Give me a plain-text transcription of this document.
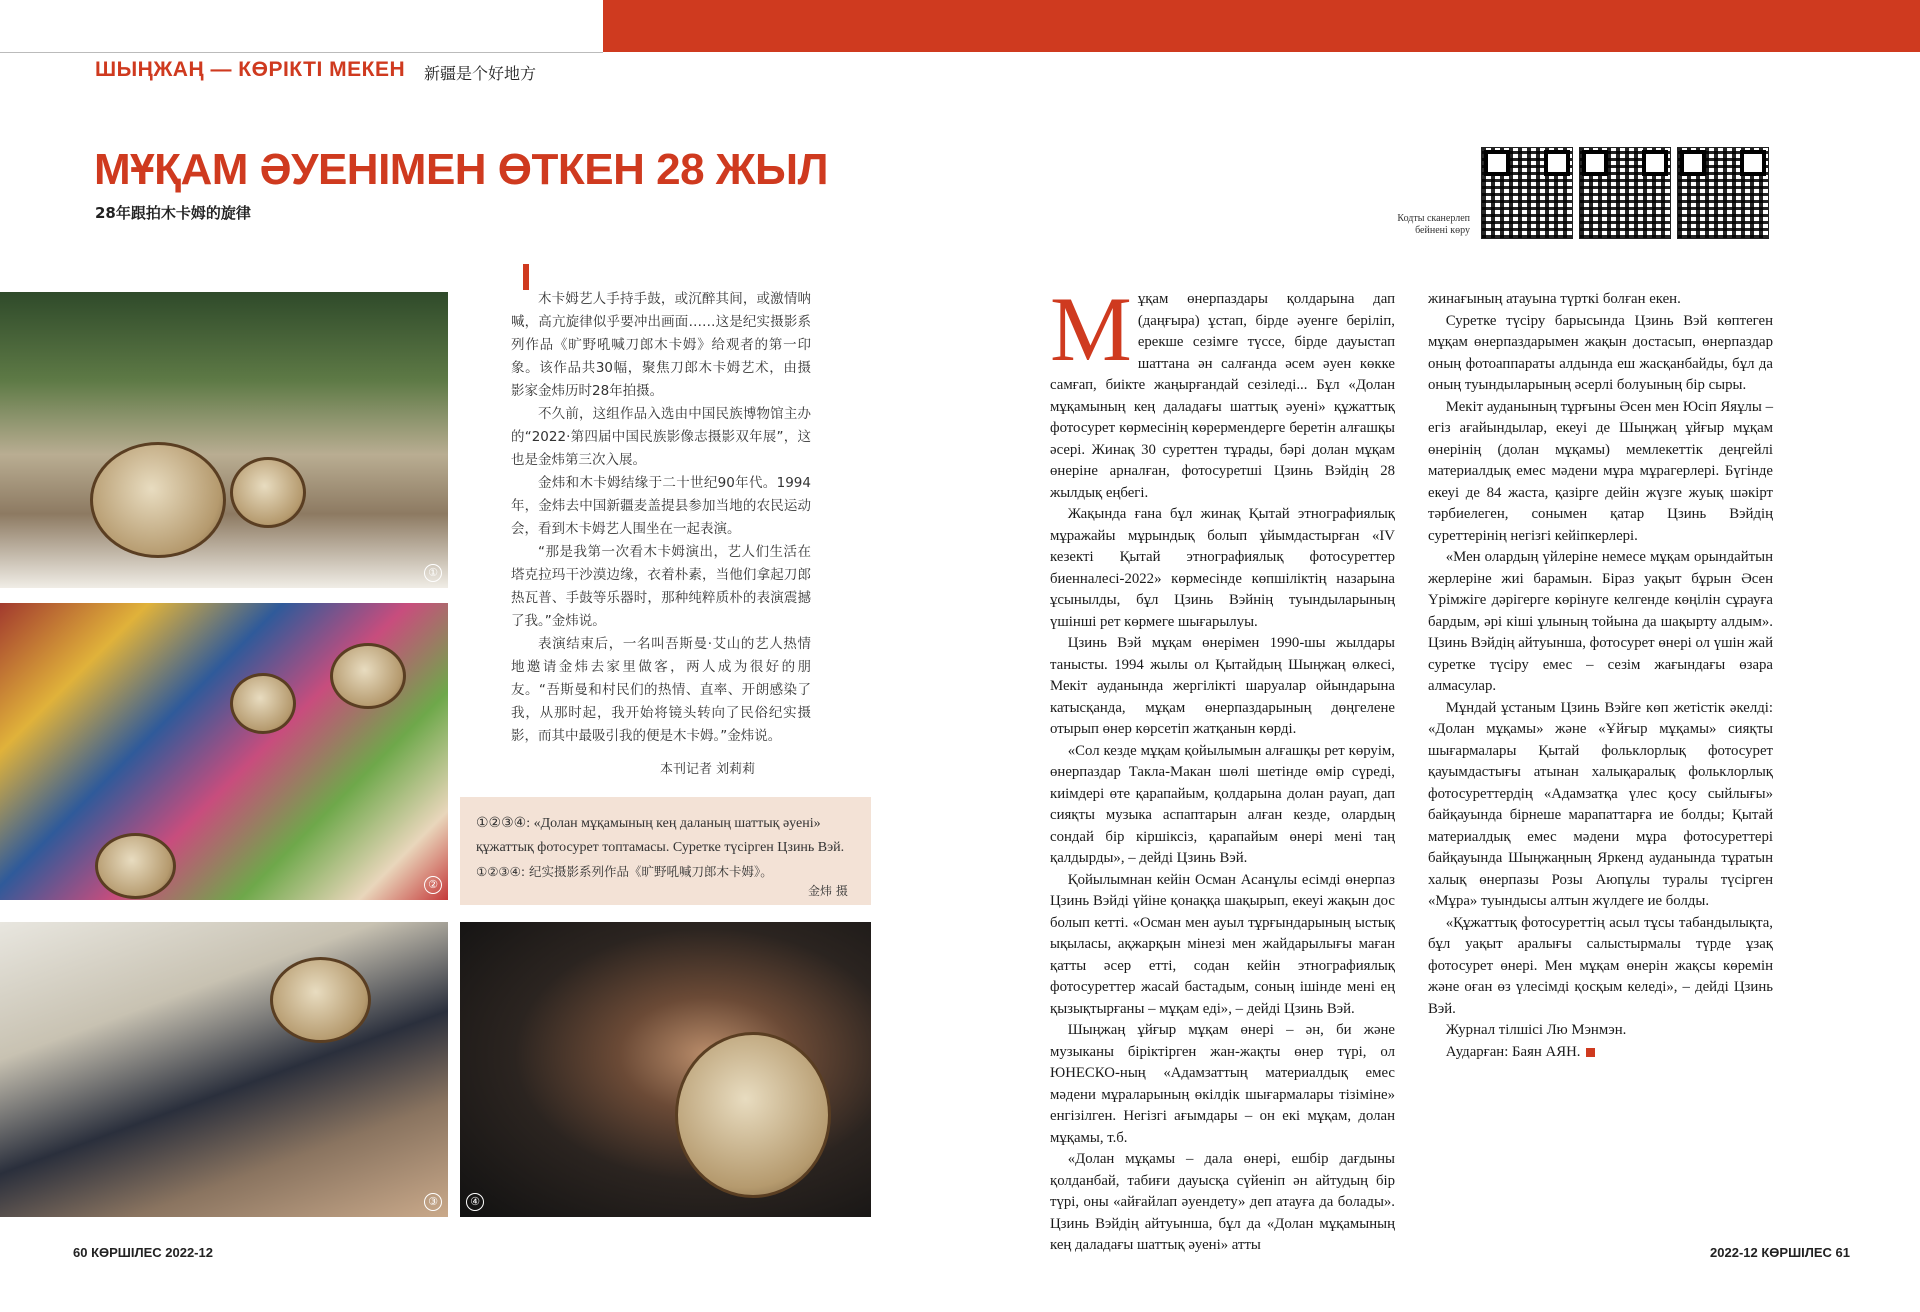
ШЫҢЖАҢ — КӨРІКТІ МЕКЕН 新疆是个好地方
МҰҚАМ ӘУЕНІМЕН ӨТКЕН 28 ЖЫЛ
28年跟拍木卡姆的旋律	Кодты сканерлеп бейнені көру
①
②
③	④

木卡姆艺人手持手鼓，或沉醉其间，或激情呐喊，高亢旋律似乎要冲出画面……这是纪实摄影系列作品《旷野吼喊刀郎木卡姆》给观者的第一印象。该作品共30幅，聚焦刀郎木卡姆艺术，由摄影家金炜历时28年拍摄。

不久前，这组作品入选由中国民族博物馆主办的“2022·第四届中国民族影像志摄影双年展”，这也是金炜第三次入展。

金炜和木卡姆结缘于二十世纪90年代。1994年，金炜去中国新疆麦盖提县参加当地的农民运动会，看到木卡姆艺人围坐在一起表演。

“那是我第一次看木卡姆演出，艺人们生活在塔克拉玛干沙漠边缘，衣着朴素，当他们拿起刀郎热瓦普、手鼓等乐器时，那种纯粹质朴的表演震撼了我。”金炜说。

表演结束后，一名叫吾斯曼·艾山的艺人热情地邀请金炜去家里做客，两人成为很好的朋友。“吾斯曼和村民们的热情、直率、开朗感染了我，从那时起，我开始将镜头转向了民俗纪实摄影，而其中最吸引我的便是木卡姆。”金炜说。

本刊记者 刘莉莉
①②③④: «Долан мұқамының кең даланың шаттық әуені» құжаттық фотосурет топтамасы. Суретке түсірген Цзинь Вэй.
①②③④: 纪实摄影系列作品《旷野吼喊刀郎木卡姆》。
金炜 摄

Мұқам өнерпаздары қолдарына дап (даңғыра) ұстап, бірде әуенге беріліп, ерекше сезімге түссе, бірде дауыстап шаттана ән салғанда әсем әуен көкке самғап, биікте жаңырғандай сезіледі... Бұл «Долан мұқамының кең даладағы шаттық әуені» құжаттық фотосурет көрмесінің көрермендерге беретін алғашқы әсері. Жинақ 30 суреттен тұрады, бәрі долан мұқам өнеріне арналған, фотосуретші Цзинь Вэйдің 28 жылдық еңбегі.

Жақында ғана бұл жинақ Қытай этнографиялық мұражайы мұрындық болып ұйымдастырған «IV кезекті Қытай этнографиялық фотосуреттер биенналесі-2022» көрмесінде көпшіліктің назарына ұсынылды, бұл Цзинь Вэйнің туындыларының үшінші рет көрмеге шығарылуы.

Цзинь Вэй мұқам өнерімен 1990-шы жылдары танысты. 1994 жылы ол Қытайдың Шыңжаң өлкесі, Мекіт ауданында жергілікті шаруалар ойындарына катысқанда, мұқам өнерпаздарының дөңгелене отырып өнер көрсетіп жатқанын көрді.

«Сол кезде мұқам қойылымын алғашқы рет көруім, өнерпаздар Такла-Макан шөлі шетінде өмір сүреді, киімдері өте қарапайым, қолдарына долан рауап, дап сияқты музыка аспаптарын алған кезде, олардың сондай бір кіршіксіз, қарапайым өнері мені таң қалдырды», – дейді Цзинь Вэй.

Қойылымнан кейін Осман Асанұлы есімді өнерпаз Цзинь Вэйді үйіне қонаққа шақырып, екеуі жақын дос болып кетті. «Осман мен ауыл тұрғындарының ыстық ықыласы, ақжарқын мінезі мен жайдарылығы маған қатты әсер етті, содан кейін этнографиялық фотосуреттер жасай бастадым, соның ішінде мені ең қызықтырғаны – мұқам еді», – дейді Цзинь Вэй.

Шыңжаң ұйғыр мұқам өнері – ән, би және музыканы біріктірген жан-жақты өнер түрі, ол ЮНЕСКО-ның «Адамзаттың материалдық емес мәдени мұраларының өкілдік шығармалары тізіміне» енгізілген. Негізгі ағымдары – он екі мұқам, долан мұқамы, т.б.

«Долан мұқамы – дала өнері, ешбір дағдыны қолданбай, табиғи дауысқа сүйеніп ән айтудың бір түрі, оны «айғайлап әуендету» деп атауға да болады». Цзинь Вэйдің айтуынша, бұл да «Долан мұқамының кең даладағы шаттық әуені» атты

жинағының атауына түрткі болған екен.

Суретке түсіру барысында Цзинь Вэй көптеген мұқам өнерпаздарымен жақын достасып, өнерпаздар оның фотоаппараты алдында еш жасқанбайды, бұл да оның туындыларының әсерлі болуының бір сыры.

Мекіт ауданының тұрғыны Әсен мен Юсіп Яяұлы – егіз ағайындылар, екеуі де Шыңжаң ұйғыр мұқам өнерінің (долан мұқамы) мемлекеттік деңгейлі материалдық емес мәдени мұра мұрагерлері. Бүгінде екеуі де 84 жаста, қазірге дейін жүзге жуық шәкірт тәрбиелеген, сонымен қатар Цзинь Вэйдің суреттерінің негізгі кейіпкерлері.

«Мен олардың үйлеріне немесе мұқам орындайтын жерлеріне жиі барамын. Біраз уақыт бұрын Әсен Үрімжіге дәрігерге көрінуге келгенде көңілін сұрауға бардым, әрі кіші ұлының тойына да шақырту алдым». Цзинь Вэйдің айтуынша, фотосурет өнері ол үшін жай суретке түсіру емес – сезім жағындағы өзара алмасулар.

Мұндай ұстаным Цзинь Вэйге көп жетістік әкелді: «Долан мұқамы» және «Ұйғыр мұқамы» сияқты шығармалары Қытай фольклорлық фотосурет қауымдастығы атынан халықаралық фольклорлық фотосуреттердің «Адамзатқа үлес қосу сыйлығы» байқауында бірнеше марапаттарға ие болды; Қытай материалдық емес мәдени мұра фотосуреттері байқауында Шыңжаңның Яркенд ауданында тұратын халық өнерпазы Розы Аюпұлы туралы түсірген «Мұра» туындысы алтын жүлдеге ие болды.

«Құжаттық фотосуреттің асыл тұсы табандылықта, бұл уақыт аралығы салыстырмалы түрде ұзақ фотосурет өнері. Мен мұқам өнерін жақсы көремін және оған өз үлесімді қосқым келеді», – дейді Цзинь Вэй.

Журнал тілшісі Лю Мэнмэн.

Аударған: Баян АЯН.

60 КӨРШІЛЕС 2022-12	2022-12 КӨРШІЛЕС 61
